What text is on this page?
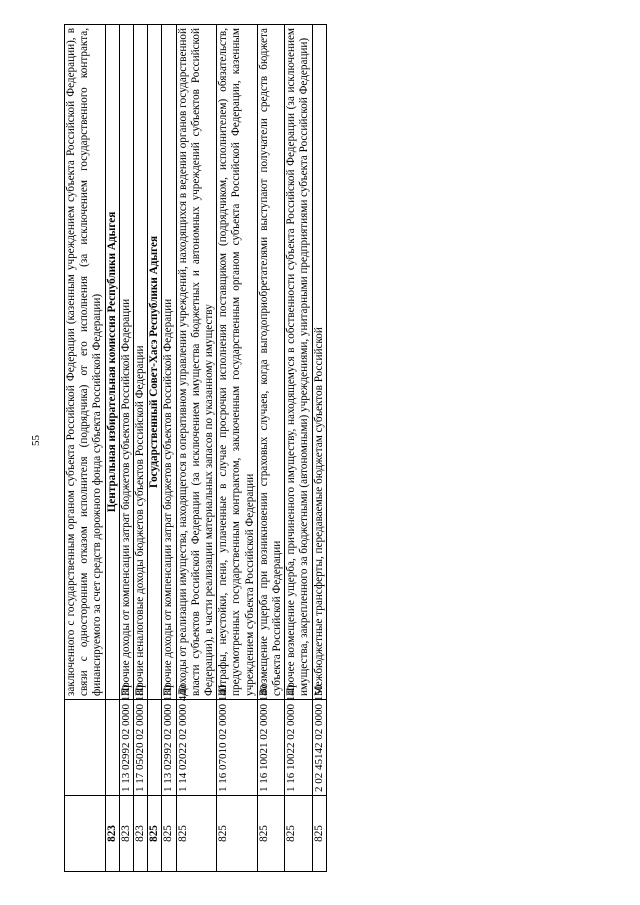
55
		заключенного с государственным органом субъекта Российской Федерации (казенным учреждением субъекта Российской Федерации), в связи с односторонним отказом исполнителя (подрядчика) от его исполнения (за исключением государственного контракта, финансируемого за счет средств дорожного фонда субъекта Российской Федерации)
823		Центральная избирательная комиссия Республики Адыгея
823	1 13 02992 02 0000 130	Прочие доходы от компенсации затрат бюджетов субъектов Российской Федерации
823	1 17 05020 02 0000 180	Прочие неналоговые доходы бюджетов субъектов Российской Федерации
825		Государственный Совет-Хасэ Республики Адыгея
825	1 13 02992 02 0000 130	Прочие доходы от компенсации затрат бюджетов субъектов Российской Федерации
825	1 14 02022 02 0000 440	Доходы от реализации имущества, находящегося в оперативном управлении учреждений, находящихся в ведении органов государственной власти субъектов Российской Федерации (за исключением имущества бюджетных и автономных учреждений субъектов Российской Федерации), в части реализации материальных запасов по указанному имуществу
825	1 16 07010 02 0000 140	Штрафы, неустойки, пени, уплаченные в случае просрочки исполнения поставщиком (подрядчиком, исполнителем) обязательств, предусмотренных государственным контрактом, заключенным государственным органом субъекта Российской Федерации, казенным учреждением субъекта Российской Федерации
825	1 16 10021 02 0000 140	Возмещение ущерба при возникновении страховых случаев, когда выгодоприобретателями выступают получатели средств бюджета субъекта Российской Федерации
825	1 16 10022 02 0000 140	Прочее возмещение ущерба, причиненного имуществу, находящемуся в собственности субъекта Российской Федерации (за исключением имущества, закрепленного за бюджетными (автономными) учреждениями, унитарными предприятиями субъекта Российской Федерации)
825	2 02 45142 02 0000 150	Межбюджетные трансферты, передаваемые бюджетам субъектов Российской
